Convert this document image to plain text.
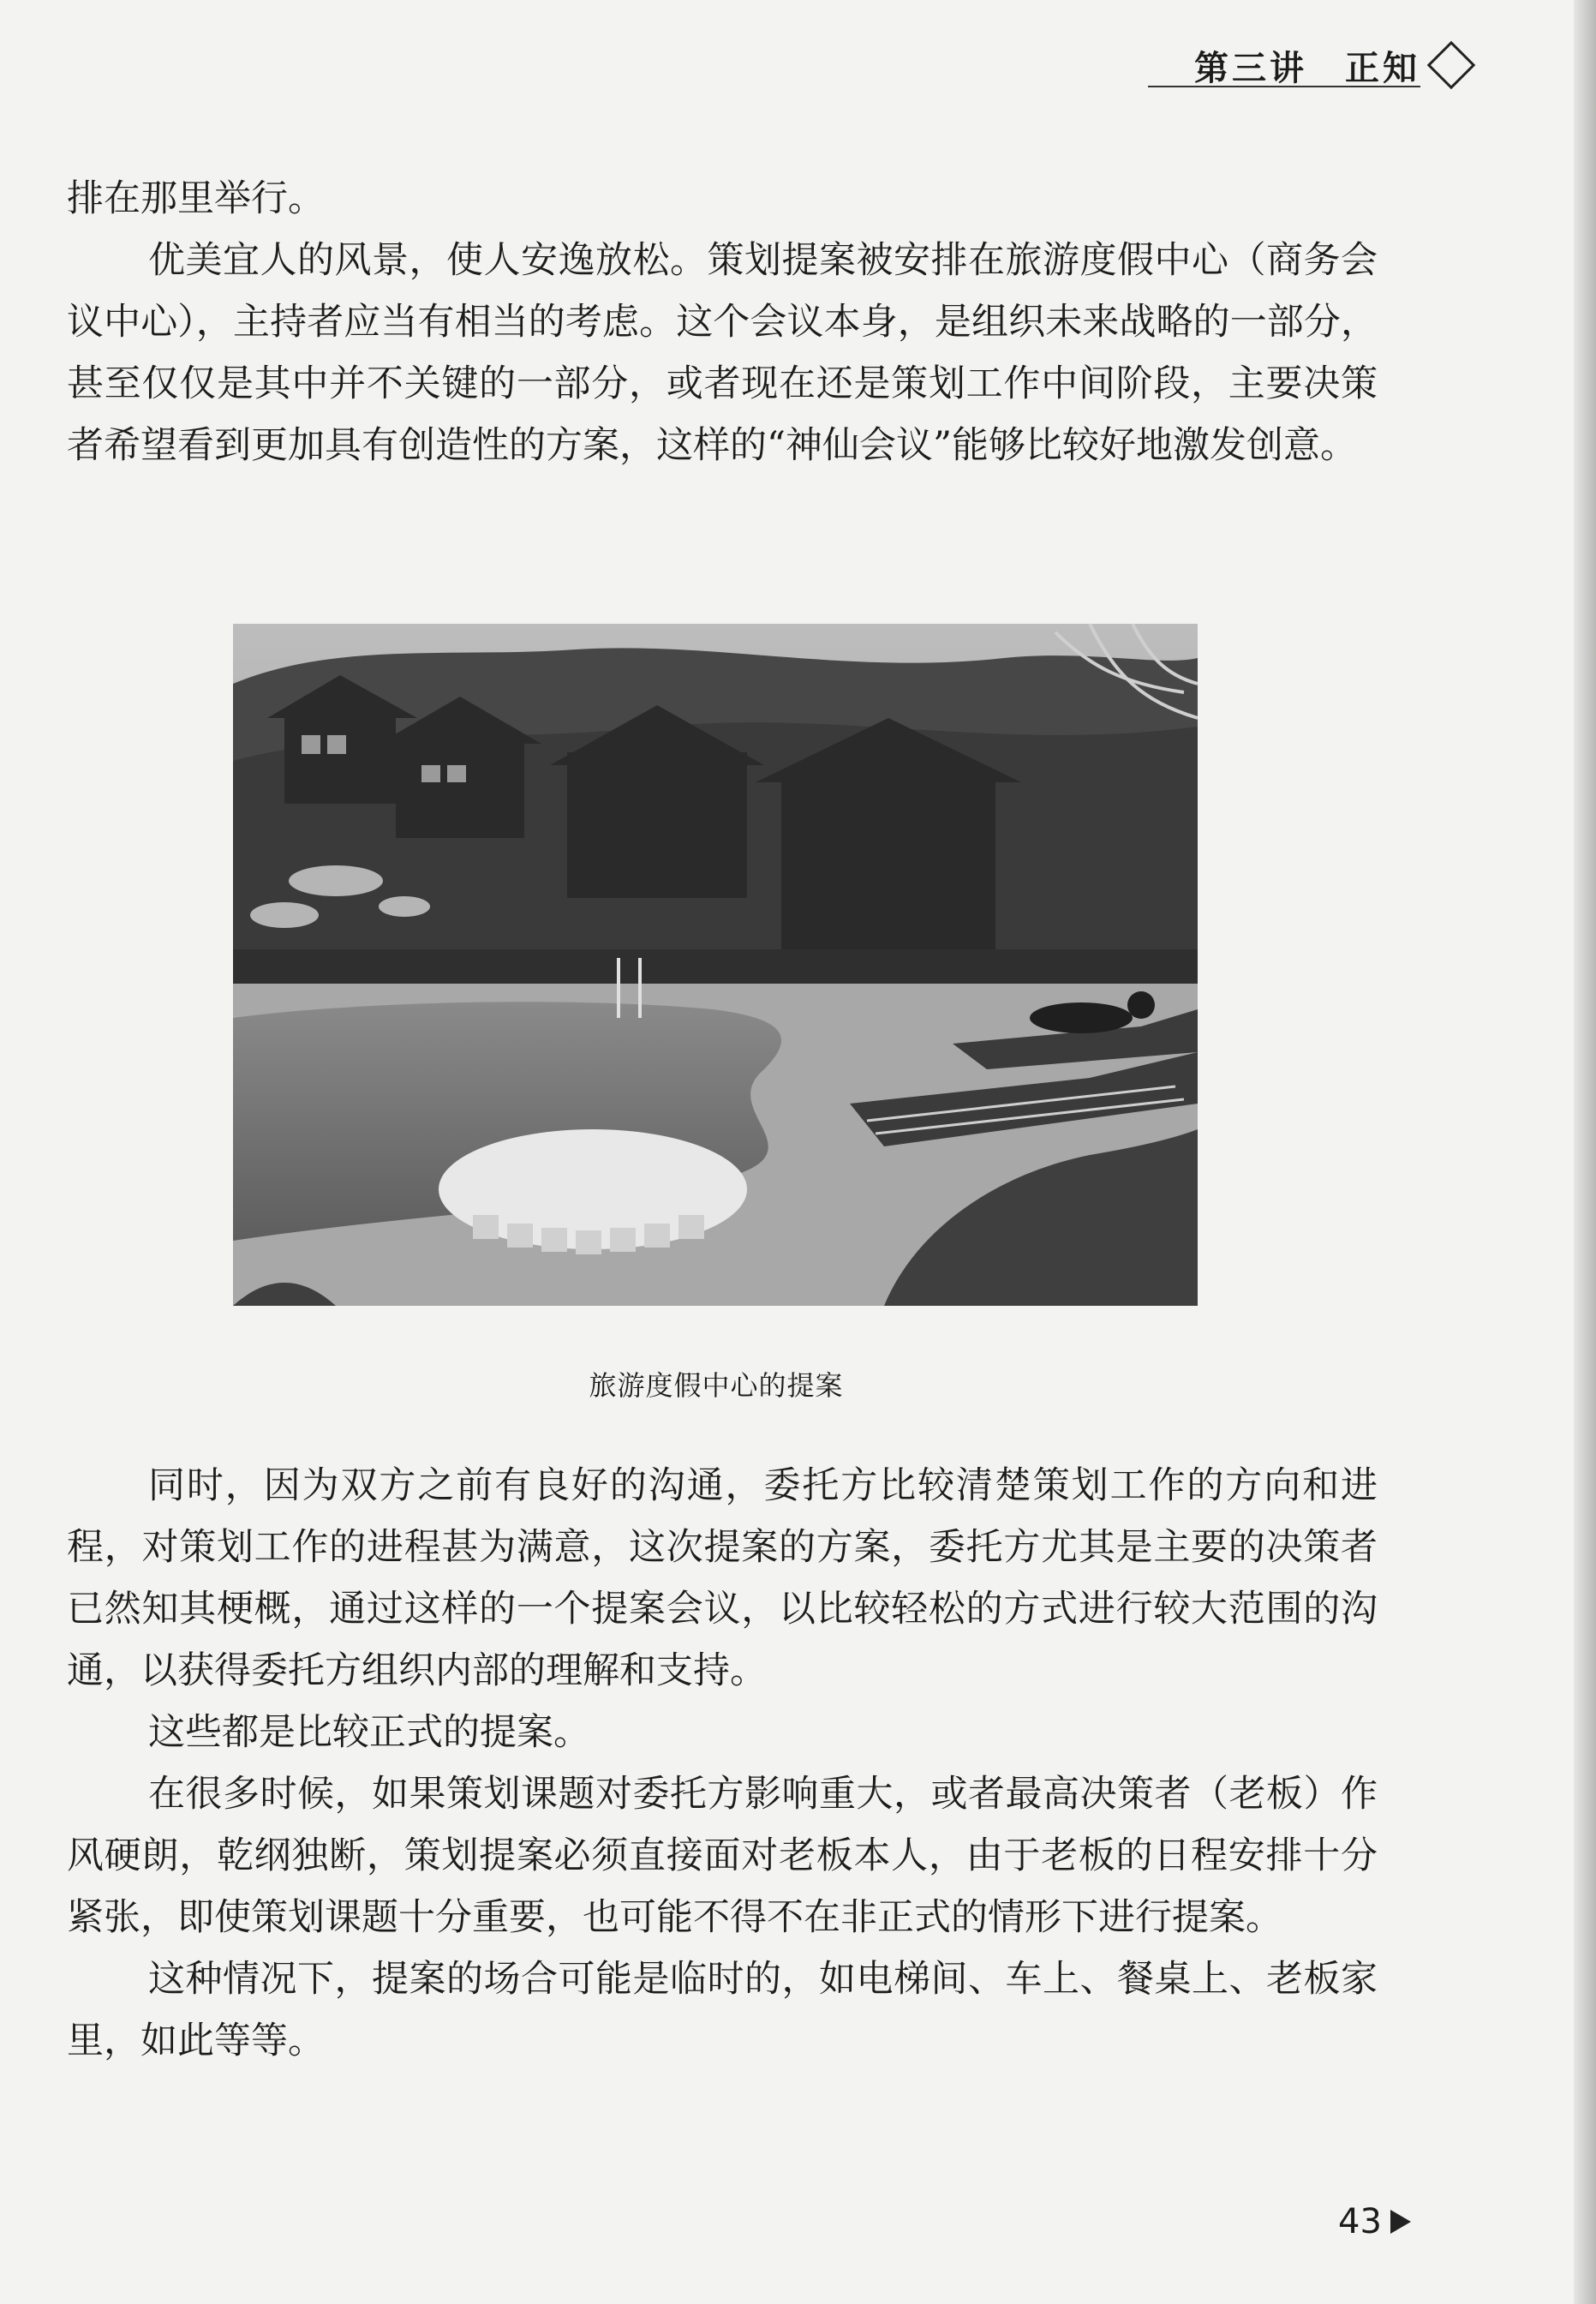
第三讲　正知

排在那里举行。

优美宜人的风景，使人安逸放松。策划提案被安排在旅游度假中心（商务会议中心），主持者应当有相当的考虑。这个会议本身，是组织未来战略的一部分，甚至仅仅是其中并不关键的一部分，或者现在还是策划工作中间阶段，主要决策者希望看到更加具有创造性的方案，这样的“神仙会议”能够比较好地激发创意。

旅游度假中心的提案

同时，因为双方之前有良好的沟通，委托方比较清楚策划工作的方向和进程，对策划工作的进程甚为满意，这次提案的方案，委托方尤其是主要的决策者已然知其梗概，通过这样的一个提案会议，以比较轻松的方式进行较大范围的沟通，以获得委托方组织内部的理解和支持。

这些都是比较正式的提案。

在很多时候，如果策划课题对委托方影响重大，或者最高决策者（老板）作风硬朗，乾纲独断，策划提案必须直接面对老板本人，由于老板的日程安排十分紧张，即使策划课题十分重要，也可能不得不在非正式的情形下进行提案。

这种情况下，提案的场合可能是临时的，如电梯间、车上、餐桌上、老板家里，如此等等。

43
